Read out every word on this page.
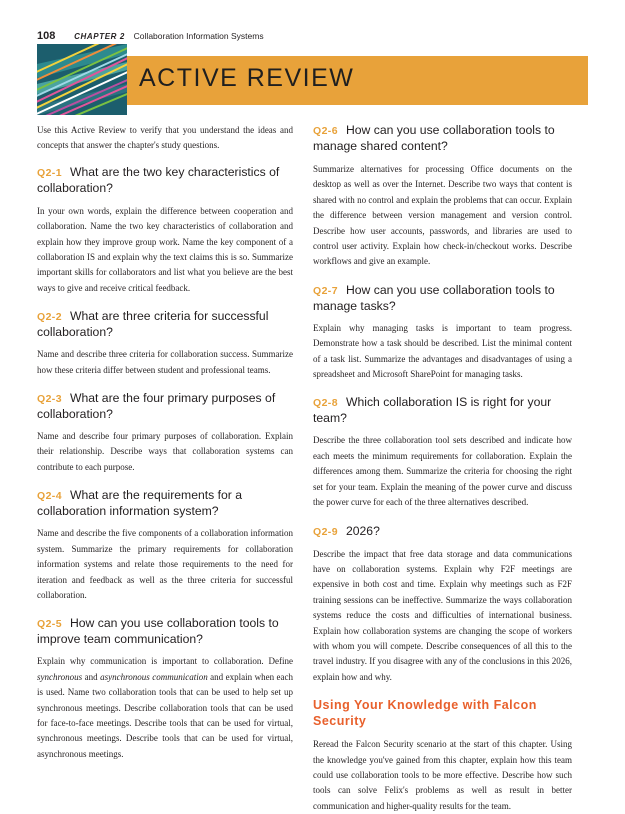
108 CHAPTER 2 Collaboration Information Systems
ACTIVE REVIEW

Use this Active Review to verify that you understand the ideas and concepts that answer the chapter's study questions.

Q2-1 What are the two key characteristics of collaboration?

In your own words, explain the difference between cooperation and collaboration. Name the two key characteristics of collaboration and explain how they improve group work. Name the key component of a collaboration IS and explain why the text claims this is so. Summarize important skills for collaborators and list what you believe are the best ways to give and receive critical feedback.

Q2-2 What are three criteria for successful collaboration?

Name and describe three criteria for collaboration success. Summarize how these criteria differ between student and professional teams.

Q2-3 What are the four primary purposes of collaboration?

Name and describe four primary purposes of collaboration. Explain their relationship. Describe ways that collaboration systems can contribute to each purpose.

Q2-4 What are the requirements for a collaboration information system?

Name and describe the five components of a collaboration information system. Summarize the primary requirements for collaboration information systems and relate those requirements to the need for iteration and feedback as well as the three criteria for successful collaboration.

Q2-5 How can you use collaboration tools to improve team communication?

Explain why communication is important to collaboration. Define synchronous and asynchronous communication and explain when each is used. Name two collaboration tools that can be used to help set up synchronous meetings. Describe collaboration tools that can be used for face-to-face meetings. Describe tools that can be used for virtual, synchronous meetings. Describe tools that can be used for virtual, asynchronous meetings.

Q2-6 How can you use collaboration tools to manage shared content?

Summarize alternatives for processing Office documents on the desktop as well as over the Internet. Describe two ways that content is shared with no control and explain the problems that can occur. Explain the difference between version management and version control. Describe how user accounts, passwords, and libraries are used to control user activity. Explain how check-in/checkout works. Describe workflows and give an example.

Q2-7 How can you use collaboration tools to manage tasks?

Explain why managing tasks is important to team progress. Demonstrate how a task should be described. List the minimal content of a task list. Summarize the advantages and disadvantages of using a spreadsheet and Microsoft SharePoint for managing tasks.

Q2-8 Which collaboration IS is right for your team?

Describe the three collaboration tool sets described and indicate how each meets the minimum requirements for collaboration. Explain the differences among them. Summarize the criteria for choosing the right set for your team. Explain the meaning of the power curve and discuss the power curve for each of the three alternatives described.

Q2-9 2026?

Describe the impact that free data storage and data communications have on collaboration systems. Explain why F2F meetings are expensive in both cost and time. Explain why meetings such as F2F training sessions can be ineffective. Summarize the ways collaboration systems reduce the costs and difficulties of international business. Explain how collaboration systems are changing the scope of workers with whom you will compete. Describe consequences of all this to the travel industry. If you disagree with any of the conclusions in this 2026, explain how and why.

Using Your Knowledge with Falcon Security

Reread the Falcon Security scenario at the start of this chapter. Using the knowledge you've gained from this chapter, explain how this team could use collaboration tools to be more effective. Describe how such tools can solve Felix's problems as well as result in better communication and higher-quality results for the team.
